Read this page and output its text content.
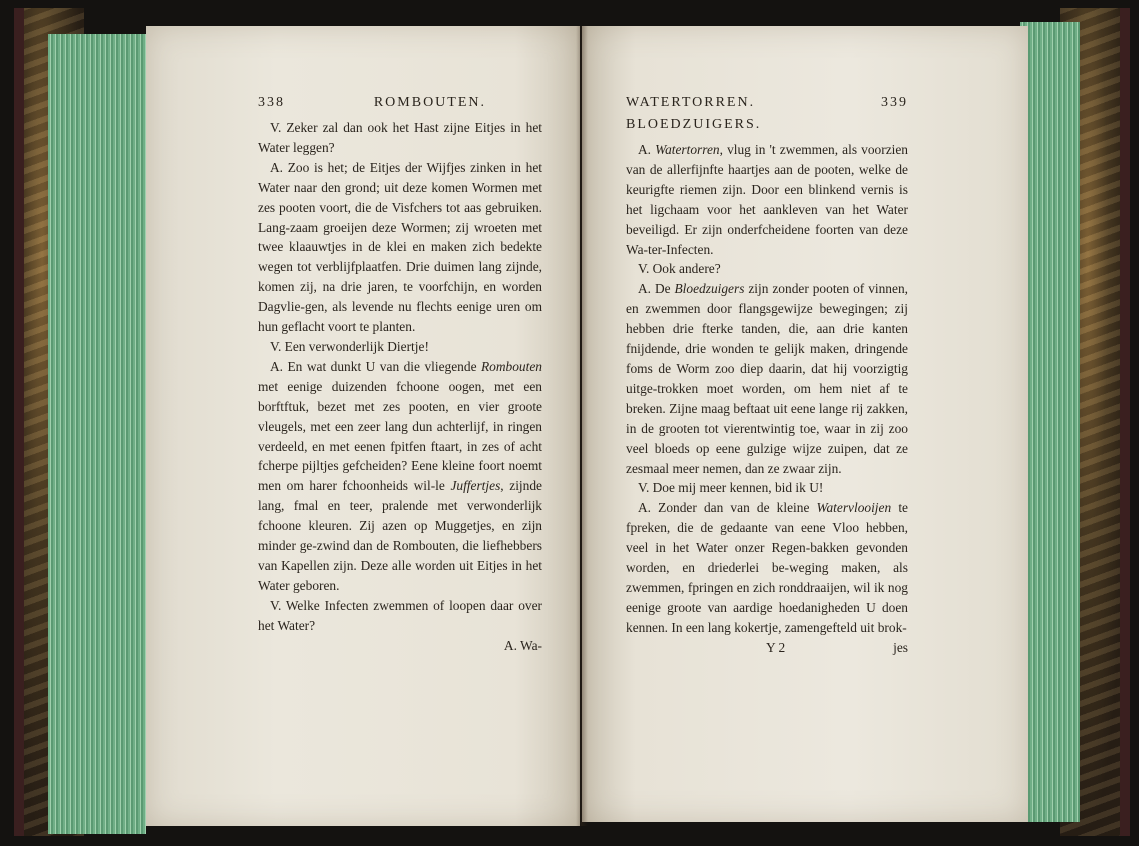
338	ROMBOUTEN.

V. Zeker zal dan ook het Hast zijne Eitjes in het Water leggen?

A. Zoo is het; de Eitjes der Wijfjes zinken in het Water naar den grond; uit deze komen Wormen met zes pooten voort, die de Visfchers tot aas gebruiken. Lang-zaam groeijen deze Wormen; zij wroeten met twee klaauwtjes in de klei en maken zich bedekte wegen tot verblijfplaatfen. Drie duimen lang zijnde, komen zij, na drie jaren, te voorfchijn, en worden Dagvlie-gen, als levende nu flechts eenige uren om hun geflacht voort te planten.

V. Een verwonderlijk Diertje!

A. En wat dunkt U van die vliegende Rombouten met eenige duizenden fchoone oogen, met een borftftuk, bezet met zes pooten, en vier groote vleugels, met een zeer lang dun achterlijf, in ringen verdeeld, en met eenen fpitfen ftaart, in zes of acht fcherpe pijltjes gefcheiden? Eene kleine foort noemt men om harer fchoonheids wil-le Juffertjes, zijnde lang, fmal en teer, pralende met verwonderlijk fchoone kleuren. Zij azen op Muggetjes, en zijn minder ge-zwind dan de Rombouten, die liefhebbers van Kapellen zijn. Deze alle worden uit Eitjes in het Water geboren.

V. Welke Infecten zwemmen of loopen daar over het Water?

A. Wa-

WATERTORREN. BLOEDZUIGERS.
339

A. Watertorren, vlug in 't zwemmen, als voorzien van de allerfijnfte haartjes aan de pooten, welke de keurigfte riemen zijn. Door een blinkend vernis is het ligchaam voor het aankleven van het Water beveiligd. Er zijn onderfcheidene foorten van deze Wa-ter-Infecten.

V. Ook andere?

A. De Bloedzuigers zijn zonder pooten of vinnen, en zwemmen door flangsgewijze bewegingen; zij hebben drie fterke tanden, die, aan drie kanten fnijdende, drie wonden te gelijk maken, dringende foms de Worm zoo diep daarin, dat hij voorzigtig uitge-trokken moet worden, om hem niet af te breken. Zijne maag beftaat uit eene lange rij zakken, in de grooten tot vierentwintig toe, waar in zij zoo veel bloeds op eene gulzige wijze zuipen, dat ze zesmaal meer nemen, dan ze zwaar zijn.

V. Doe mij meer kennen, bid ik U!

A. Zonder dan van de kleine Watervlooijen te fpreken, die de gedaante van eene Vloo hebben, veel in het Water onzer Regen-bakken gevonden worden, en driederlei be-weging maken, als zwemmen, fpringen en zich ronddraaijen, wil ik nog eenige groote van aardige hoedanigheden U doen kennen. In een lang kokertje, zamengefteld uit brok-

Y 2	jes
